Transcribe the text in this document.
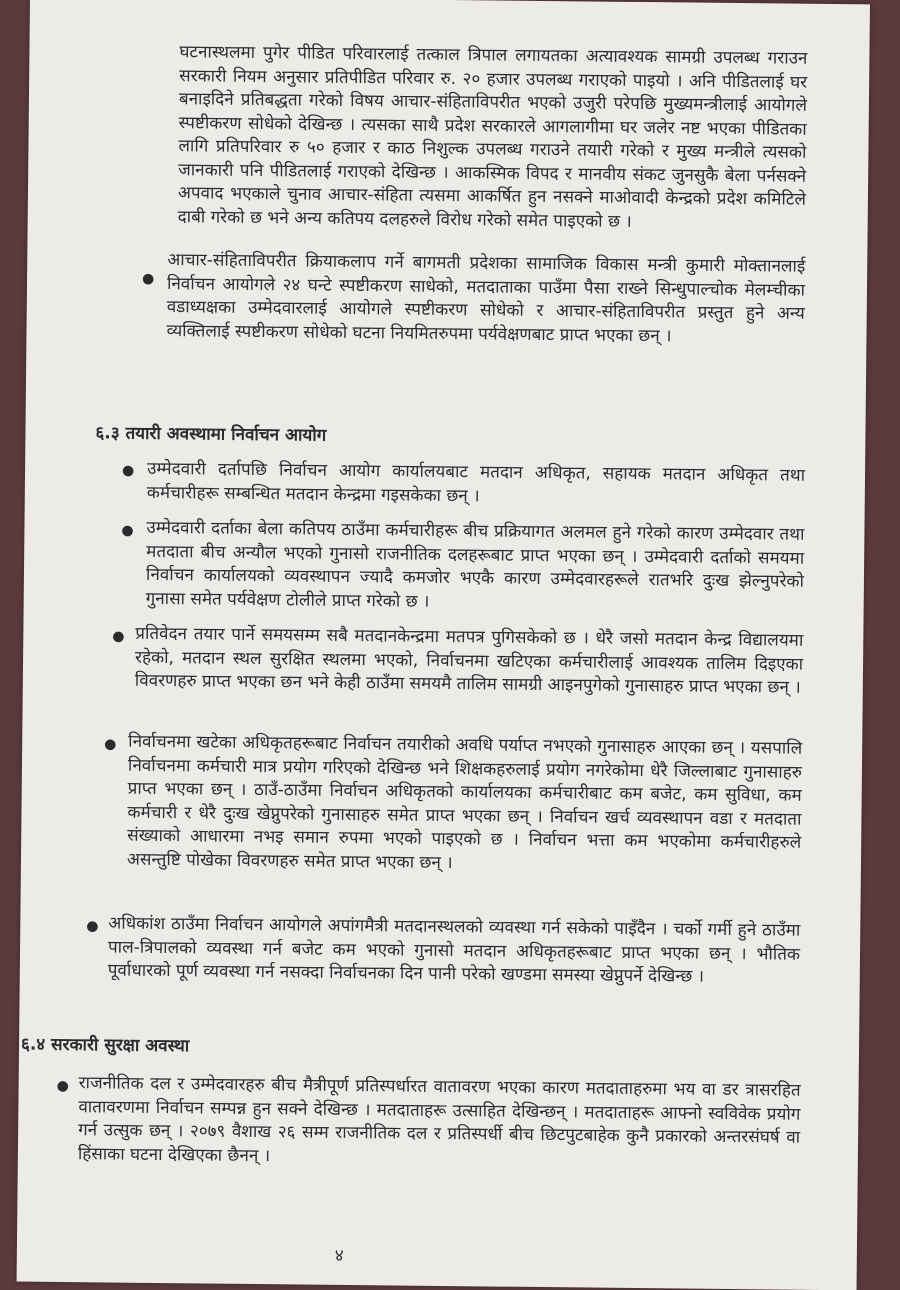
घटनास्थलमा पुगेर पीडित परिवारलाई तत्काल त्रिपाल लगायतका अत्यावश्यक सामग्री उपलब्ध गराउन सरकारी नियम अनुसार प्रतिपीडित परिवार रु. २० हजार उपलब्ध गराएको पाइयो । अनि पीडितलाई घर बनाइदिने प्रतिबद्धता गरेको विषय आचार-संहिताविपरीत भएको उजुरी परेपछि मुख्यमन्त्रीलाई आयोगले स्पष्टीकरण सोधेको देखिन्छ । त्यसका साथै प्रदेश सरकारले आगलागीमा घर जलेर नष्ट भएका पीडितका लागि प्रतिपरिवार रु ५० हजार र काठ निशुल्क उपलब्ध गराउने तयारी गरेको र मुख्य मन्त्रीले त्यसको जानकारी पनि पीडितलाई गराएको देखिन्छ । आकस्मिक विपद र मानवीय संकट जुनसुकै बेला पर्नसक्ने अपवाद भएकाले चुनाव आचार-संहिता त्यसमा आकर्षित हुन नसक्ने माओवादी केन्द्रको प्रदेश कमिटिले दाबी गरेको छ भने अन्य कतिपय दलहरुले विरोध गरेको समेत पाइएको छ ।

●

आचार-संहिताविपरीत क्रियाकलाप गर्ने बागमती प्रदेशका सामाजिक विकास मन्त्री कुमारी मोक्तानलाई निर्वाचन आयोगले २४ घन्टे स्पष्टीकरण साधेको, मतदाताका पाउँमा पैसा राख्ने सिन्धुपाल्चोक मेलम्चीका वडाध्यक्षका उम्मेदवारलाई आयोगले स्पष्टीकरण सोधेको र आचार-संहिताविपरीत प्रस्तुत हुने अन्य व्यक्तिलाई स्पष्टीकरण सोधेको घटना नियमितरुपमा पर्यवेक्षणबाट प्राप्त भएका छन् ।

६.३ तयारी अवस्थामा निर्वाचन आयोग
● उम्मेदवारी दर्तापछि निर्वाचन आयोग कार्यालयबाट मतदान अधिकृत, सहायक मतदान अधिकृत तथा कर्मचारीहरू सम्बन्धित मतदान केन्द्रमा गइसकेका छन् ।

● उम्मेदवारी दर्ताका बेला कतिपय ठाउँमा कर्मचारीहरू बीच प्रक्रियागत अलमल हुने गरेको कारण उम्मेदवार तथा मतदाता बीच अन्यौल भएको गुनासो राजनीतिक दलहरूबाट प्राप्त भएका छन् । उम्मेदवारी दर्ताको समयमा निर्वाचन कार्यालयको व्यवस्थापन ज्यादै कमजोर भएकै कारण उम्मेदवारहरूले रातभरि दुःख झेल्नुपरेको गुनासा समेत पर्यवेक्षण टोलीले प्राप्त गरेको छ ।

● प्रतिवेदन तयार पार्ने समयसम्म सबै मतदानकेन्द्रमा मतपत्र पुगिसकेको छ । धेरै जसो मतदान केन्द्र विद्यालयमा रहेको, मतदान स्थल सुरक्षित स्थलमा भएको, निर्वाचनमा खटिएका कर्मचारीलाई आवश्यक तालिम दिइएका विवरणहरु प्राप्त भएका छन भने केही ठाउँमा समयमै तालिम सामग्री आइनपुगेको गुनासाहरु प्राप्त भएका छन् ।

● निर्वाचनमा खटेका अधिकृतहरूबाट निर्वाचन तयारीको अवधि पर्याप्त नभएको गुनासाहरु आएका छन् । यसपालि निर्वाचनमा कर्मचारी मात्र प्रयोग गरिएको देखिन्छ भने शिक्षकहरुलाई प्रयोग नगरेकोमा धेरै जिल्लाबाट गुनासाहरु प्राप्त भएका छन् । ठाउँ-ठाउँमा निर्वाचन अधिकृतको कार्यालयका कर्मचारीबाट कम बजेट, कम सुविधा, कम कर्मचारी र धेरै दुःख खेप्नुपरेको गुनासाहरु समेत प्राप्त भएका छन् । निर्वाचन खर्च व्यवस्थापन वडा र मतदाता संख्याको आधारमा नभइ समान रुपमा भएको पाइएको छ । निर्वाचन भत्ता कम भएकोमा कर्मचारीहरुले असन्तुष्टि पोखेका विवरणहरु समेत प्राप्त भएका छन् ।

● अधिकांश ठाउँमा निर्वाचन आयोगले अपांगमैत्री मतदानस्थलको व्यवस्था गर्न सकेको पाइँदैन । चर्को गर्मी हुने ठाउँमा पाल-त्रिपालको व्यवस्था गर्न बजेट कम भएको गुनासो मतदान अधिकृतहरूबाट प्राप्त भएका छन् । भौतिक पूर्वाधारको पूर्ण व्यवस्था गर्न नसक्दा निर्वाचनका दिन पानी परेको खण्डमा समस्या खेप्नुपर्ने देखिन्छ ।

६.४ सरकारी सुरक्षा अवस्था
● राजनीतिक दल र उम्मेदवारहरु बीच मैत्रीपूर्ण प्रतिस्पर्धारत वातावरण भएका कारण मतदाताहरुमा भय वा डर त्रासरहित वातावरणमा निर्वाचन सम्पन्न हुन सक्ने देखिन्छ । मतदाताहरू उत्साहित देखिन्छन् । मतदाताहरू आफ्नो स्वविवेक प्रयोग गर्न उत्सुक छन् । २०७९ वैशाख २६ सम्म राजनीतिक दल र प्रतिस्पर्धी बीच छिटपुटबाहेक कुनै प्रकारको अन्तरसंघर्ष वा हिंसाका घटना देखिएका छैनन् ।

४
